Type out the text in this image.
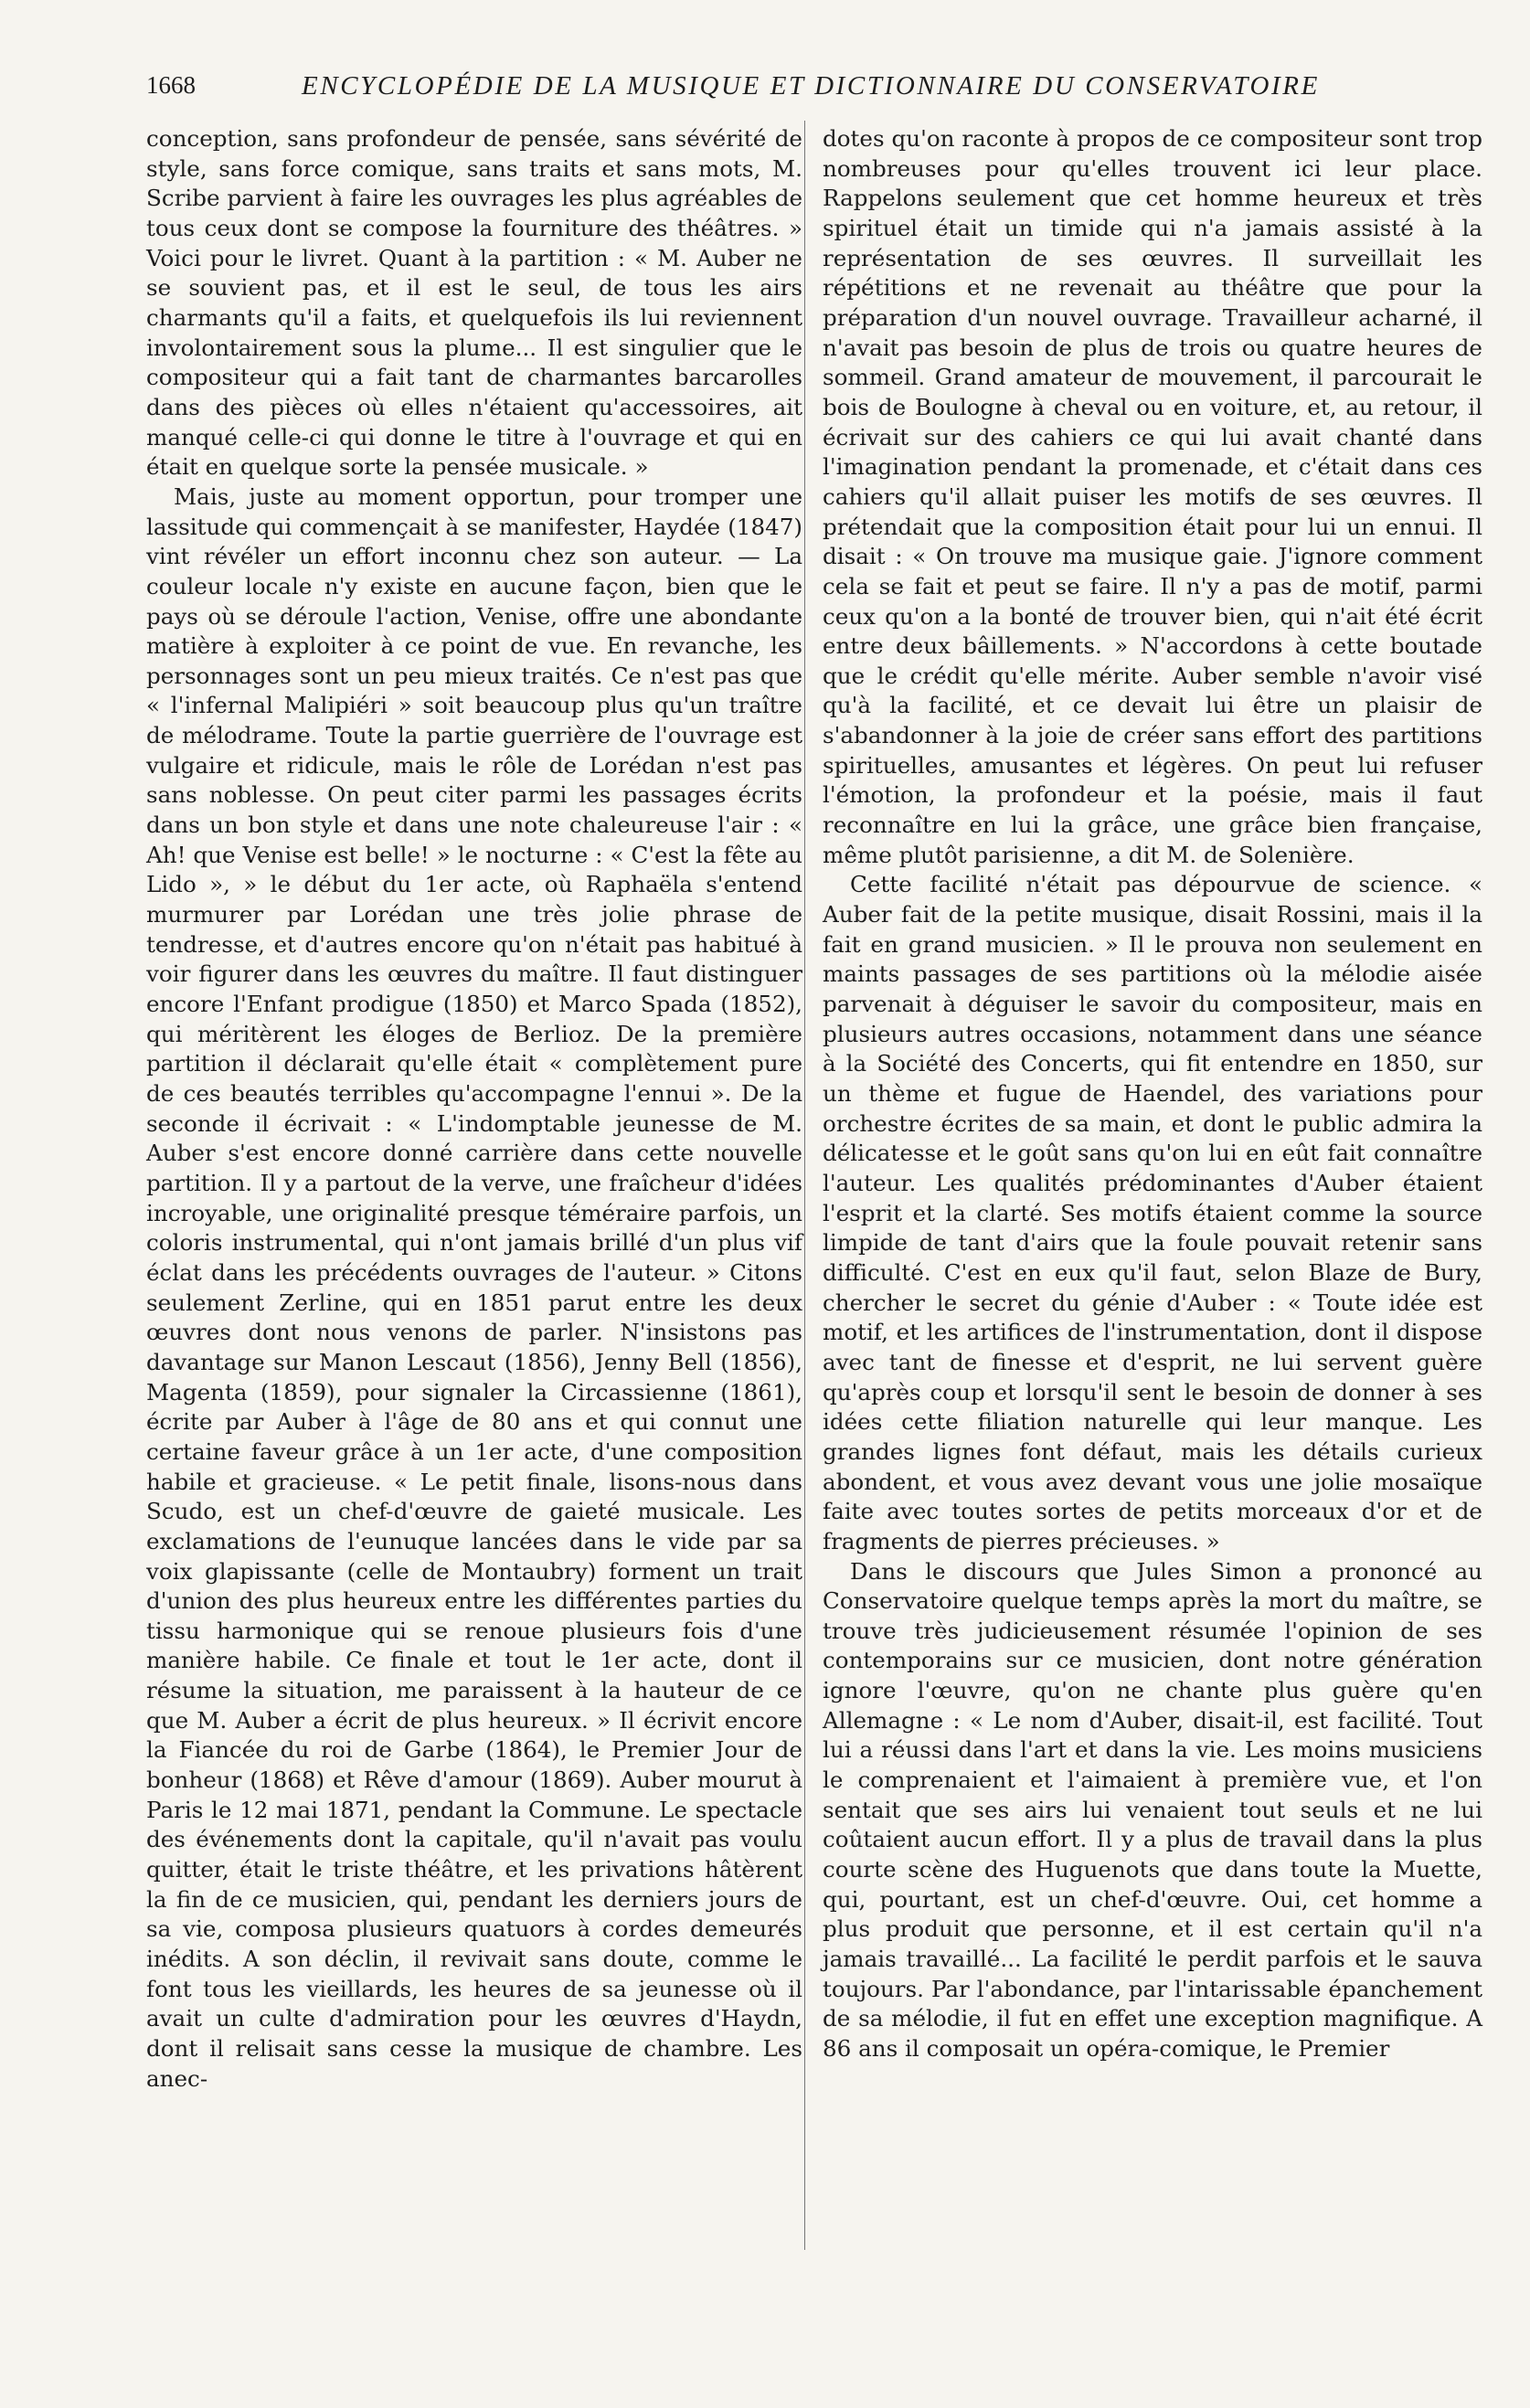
1668	ENCYCLOPÉDIE DE LA MUSIQUE ET DICTIONNAIRE DU CONSERVATOIRE

conception, sans profondeur de pensée, sans sévérité de style, sans force comique, sans traits et sans mots, M. Scribe parvient à faire les ouvrages les plus agréables de tous ceux dont se compose la fourniture des théâtres. » Voici pour le livret. Quant à la partition : « M. Auber ne se souvient pas, et il est le seul, de tous les airs charmants qu'il a faits, et quelquefois ils lui reviennent involontairement sous la plume... Il est singulier que le compositeur qui a fait tant de charmantes barcarolles dans des pièces où elles n'étaient qu'accessoires, ait manqué celle-ci qui donne le titre à l'ouvrage et qui en était en quelque sorte la pensée musicale. »

Mais, juste au moment opportun, pour tromper une lassitude qui commençait à se manifester, Haydée (1847) vint révéler un effort inconnu chez son auteur. — La couleur locale n'y existe en aucune façon, bien que le pays où se déroule l'action, Venise, offre une abondante matière à exploiter à ce point de vue. En revanche, les personnages sont un peu mieux traités. Ce n'est pas que « l'infernal Malipiéri » soit beaucoup plus qu'un traître de mélodrame. Toute la partie guerrière de l'ouvrage est vulgaire et ridicule, mais le rôle de Lorédan n'est pas sans noblesse. On peut citer parmi les passages écrits dans un bon style et dans une note chaleureuse l'air : « Ah! que Venise est belle! » le nocturne : « C'est la fête au Lido », » le début du 1er acte, où Raphaëla s'entend murmurer par Lorédan une très jolie phrase de tendresse, et d'autres encore qu'on n'était pas habitué à voir figurer dans les œuvres du maître. Il faut distinguer encore l'Enfant prodigue (1850) et Marco Spada (1852), qui méritèrent les éloges de Berlioz. De la première partition il déclarait qu'elle était « complètement pure de ces beautés terribles qu'accompagne l'ennui ». De la seconde il écrivait : « L'indomptable jeunesse de M. Auber s'est encore donné carrière dans cette nouvelle partition. Il y a partout de la verve, une fraîcheur d'idées incroyable, une originalité presque téméraire parfois, un coloris instrumental, qui n'ont jamais brillé d'un plus vif éclat dans les précédents ouvrages de l'auteur. » Citons seulement Zerline, qui en 1851 parut entre les deux œuvres dont nous venons de parler. N'insistons pas davantage sur Manon Lescaut (1856), Jenny Bell (1856), Magenta (1859), pour signaler la Circassienne (1861), écrite par Auber à l'âge de 80 ans et qui connut une certaine faveur grâce à un 1er acte, d'une composition habile et gracieuse. « Le petit finale, lisons-nous dans Scudo, est un chef-d'œuvre de gaieté musicale. Les exclamations de l'eunuque lancées dans le vide par sa voix glapissante (celle de Montaubry) forment un trait d'union des plus heureux entre les différentes parties du tissu harmonique qui se renoue plusieurs fois d'une manière habile. Ce finale et tout le 1er acte, dont il résume la situation, me paraissent à la hauteur de ce que M. Auber a écrit de plus heureux. » Il écrivit encore la Fiancée du roi de Garbe (1864), le Premier Jour de bonheur (1868) et Rêve d'amour (1869). Auber mourut à Paris le 12 mai 1871, pendant la Commune. Le spectacle des événements dont la capitale, qu'il n'avait pas voulu quitter, était le triste théâtre, et les privations hâtèrent la fin de ce musicien, qui, pendant les derniers jours de sa vie, composa plusieurs quatuors à cordes demeurés inédits. A son déclin, il revivait sans doute, comme le font tous les vieillards, les heures de sa jeunesse où il avait un culte d'admiration pour les œuvres d'Haydn, dont il relisait sans cesse la musique de chambre. Les anec-

dotes qu'on raconte à propos de ce compositeur sont trop nombreuses pour qu'elles trouvent ici leur place. Rappelons seulement que cet homme heureux et très spirituel était un timide qui n'a jamais assisté à la représentation de ses œuvres. Il surveillait les répétitions et ne revenait au théâtre que pour la préparation d'un nouvel ouvrage. Travailleur acharné, il n'avait pas besoin de plus de trois ou quatre heures de sommeil. Grand amateur de mouvement, il parcourait le bois de Boulogne à cheval ou en voiture, et, au retour, il écrivait sur des cahiers ce qui lui avait chanté dans l'imagination pendant la promenade, et c'était dans ces cahiers qu'il allait puiser les motifs de ses œuvres. Il prétendait que la composition était pour lui un ennui. Il disait : « On trouve ma musique gaie. J'ignore comment cela se fait et peut se faire. Il n'y a pas de motif, parmi ceux qu'on a la bonté de trouver bien, qui n'ait été écrit entre deux bâillements. » N'accordons à cette boutade que le crédit qu'elle mérite. Auber semble n'avoir visé qu'à la facilité, et ce devait lui être un plaisir de s'abandonner à la joie de créer sans effort des partitions spirituelles, amusantes et légères. On peut lui refuser l'émotion, la profondeur et la poésie, mais il faut reconnaître en lui la grâce, une grâce bien française, même plutôt parisienne, a dit M. de Solenière.

Cette facilité n'était pas dépourvue de science. « Auber fait de la petite musique, disait Rossini, mais il la fait en grand musicien. » Il le prouva non seulement en maints passages de ses partitions où la mélodie aisée parvenait à déguiser le savoir du compositeur, mais en plusieurs autres occasions, notamment dans une séance à la Société des Concerts, qui fit entendre en 1850, sur un thème et fugue de Haendel, des variations pour orchestre écrites de sa main, et dont le public admira la délicatesse et le goût sans qu'on lui en eût fait connaître l'auteur. Les qualités prédominantes d'Auber étaient l'esprit et la clarté. Ses motifs étaient comme la source limpide de tant d'airs que la foule pouvait retenir sans difficulté. C'est en eux qu'il faut, selon Blaze de Bury, chercher le secret du génie d'Auber : « Toute idée est motif, et les artifices de l'instrumentation, dont il dispose avec tant de finesse et d'esprit, ne lui servent guère qu'après coup et lorsqu'il sent le besoin de donner à ses idées cette filiation naturelle qui leur manque. Les grandes lignes font défaut, mais les détails curieux abondent, et vous avez devant vous une jolie mosaïque faite avec toutes sortes de petits morceaux d'or et de fragments de pierres précieuses. »

Dans le discours que Jules Simon a prononcé au Conservatoire quelque temps après la mort du maître, se trouve très judicieusement résumée l'opinion de ses contemporains sur ce musicien, dont notre génération ignore l'œuvre, qu'on ne chante plus guère qu'en Allemagne : « Le nom d'Auber, disait-il, est facilité. Tout lui a réussi dans l'art et dans la vie. Les moins musiciens le comprenaient et l'aimaient à première vue, et l'on sentait que ses airs lui venaient tout seuls et ne lui coûtaient aucun effort. Il y a plus de travail dans la plus courte scène des Huguenots que dans toute la Muette, qui, pourtant, est un chef-d'œuvre. Oui, cet homme a plus produit que personne, et il est certain qu'il n'a jamais travaillé... La facilité le perdit parfois et le sauva toujours. Par l'abondance, par l'intarissable épanchement de sa mélodie, il fut en effet une exception magnifique. A 86 ans il composait un opéra-comique, le Premier
